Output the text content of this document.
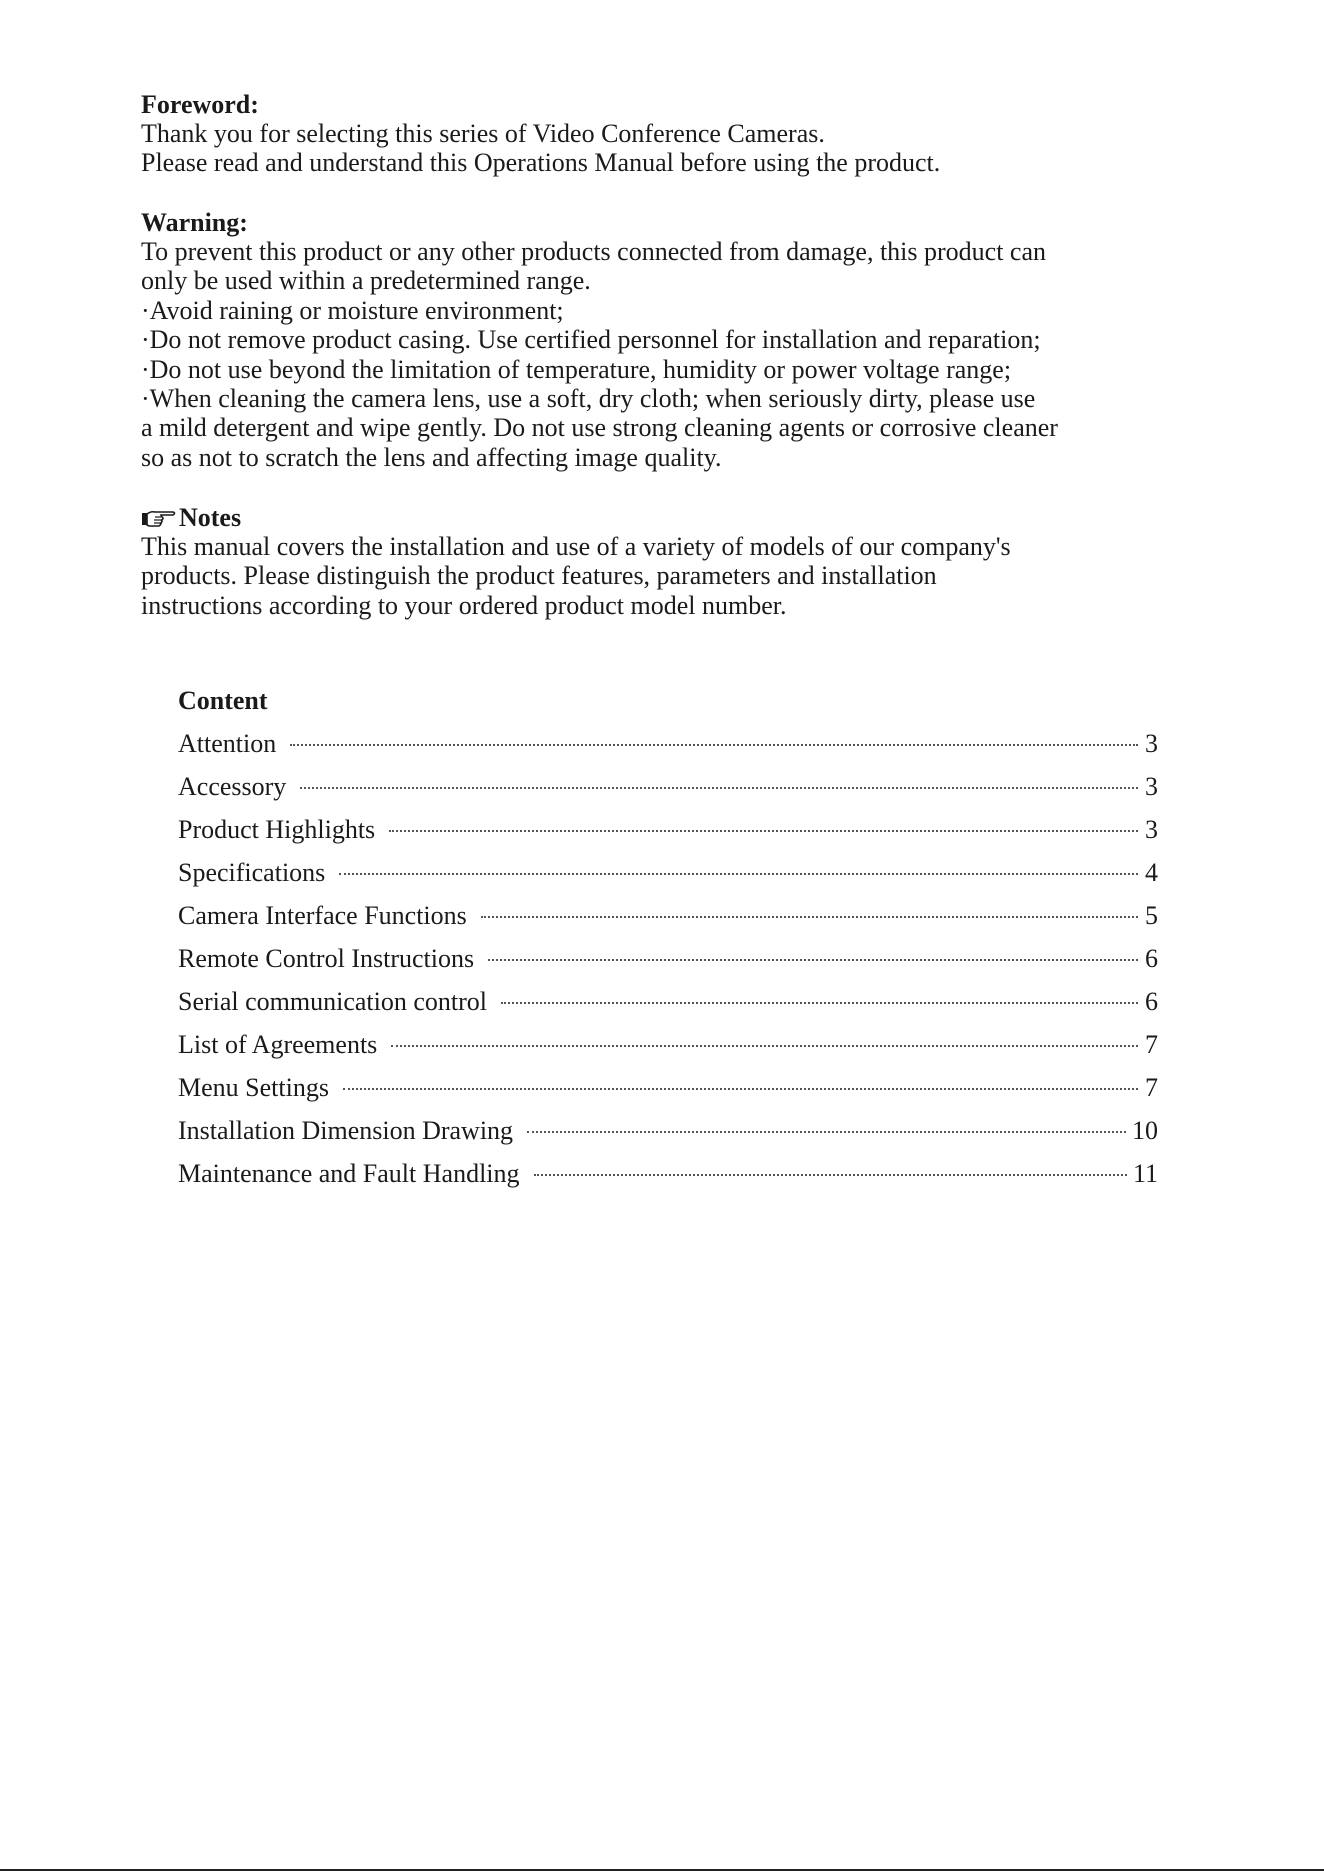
Foreword:

Thank you for selecting this series of Video Conference Cameras.

Please read and understand this Operations Manual before using the product.

Warning:

To prevent this product or any other products connected from damage, this product can

only be used within a predetermined range.

·Avoid raining or moisture environment;

·Do not remove product casing. Use certified personnel for installation and reparation;

·Do not use beyond the limitation of temperature, humidity or power voltage range;

·When cleaning the camera lens, use a soft, dry cloth; when seriously dirty, please use

a mild detergent and wipe gently. Do not use strong cleaning agents or corrosive cleaner

so as not to scratch the lens and affecting image quality.

Notes

This manual covers the installation and use of a variety of models of our company's

products. Please distinguish the product features, parameters and installation

instructions according to your ordered product model number.

Content
Attention	3
Accessory	3
Product Highlights	3
Specifications	4
Camera Interface Functions	5
Remote Control Instructions	6
Serial communication control	6
List of Agreements	7
Menu Settings	7
Installation Dimension Drawing	10
Maintenance and Fault Handling	11
